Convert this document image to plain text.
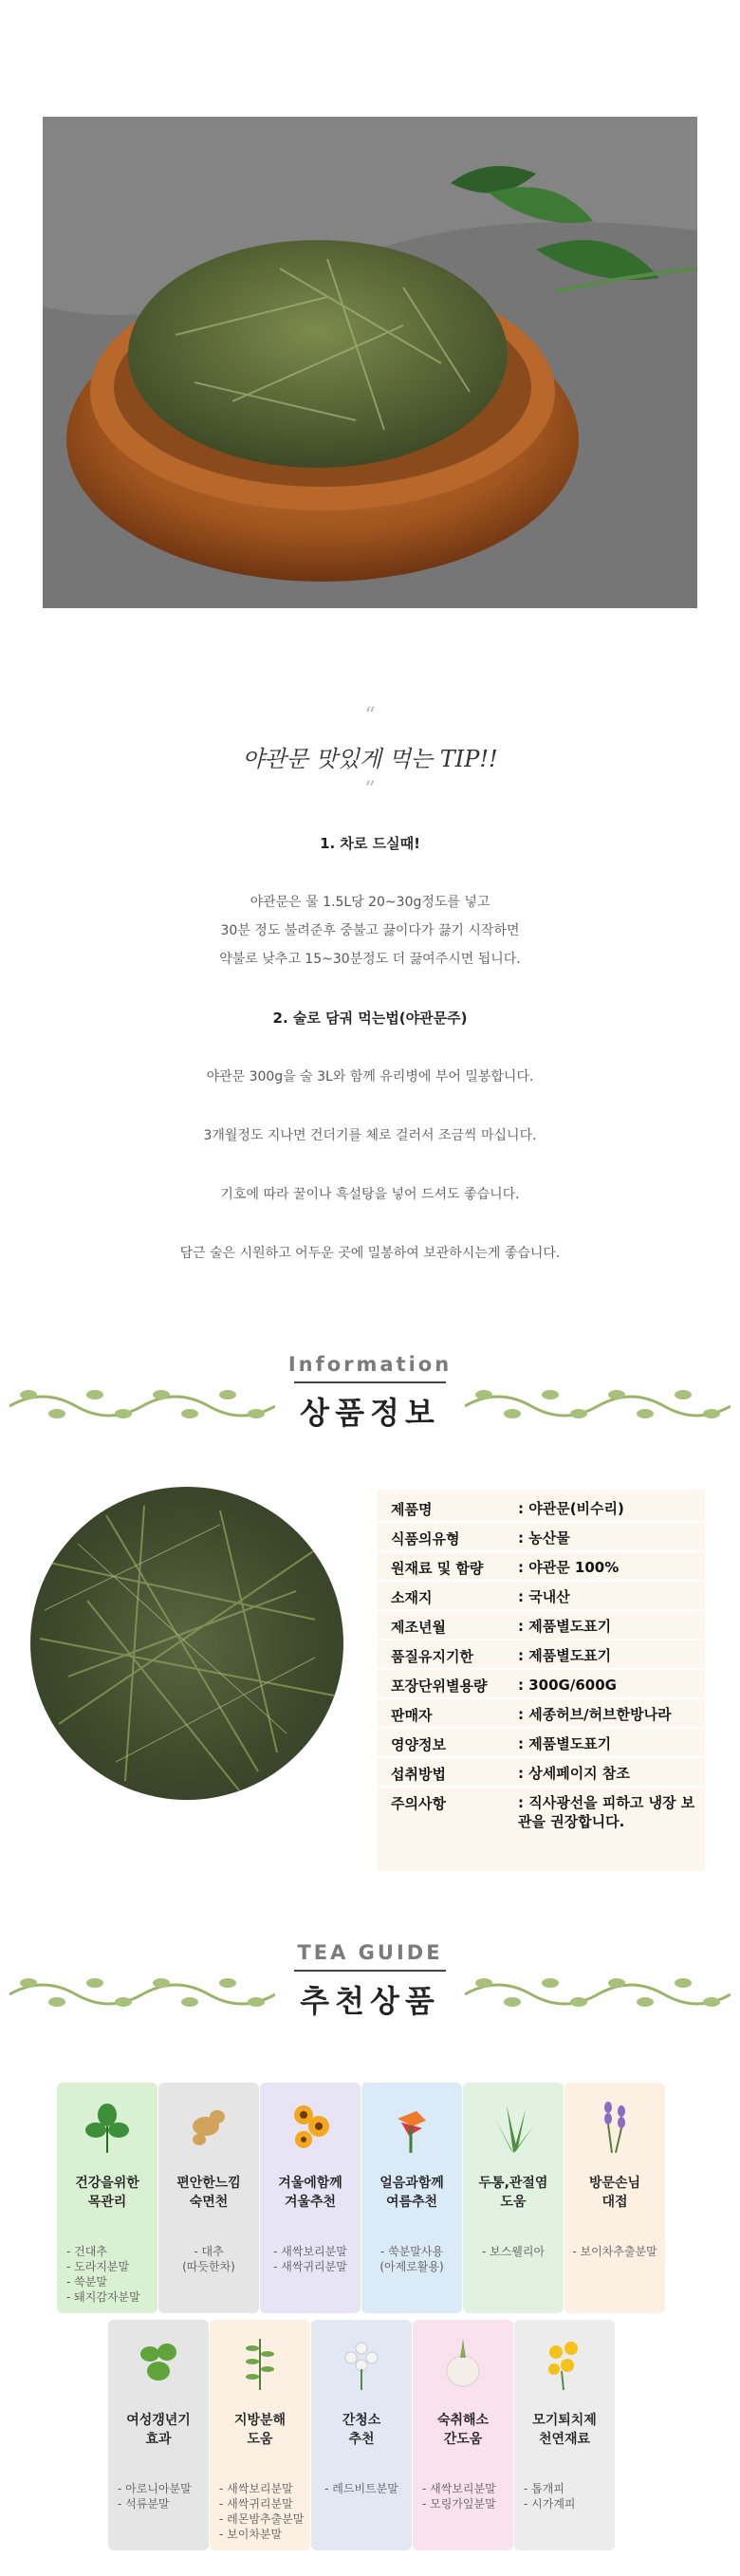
“
야관문 맛있게 먹는 TIP!!
”
1. 차로 드실때!
야관문은 물 1.5L당 20~30g정도를 넣고
30분 정도 불려준후 중불고 끓이다가 끓기 시작하면
약불로 낮추고 15~30분정도 더 끓여주시면 됩니다.
2. 술로 담궈 먹는법(야관문주)
야관문 300g을 술 3L와 함께 유리병에 부어 밀봉합니다.
3개월정도 지나면 건더기를 체로 걸러서 조금씩 마십니다.
기호에 따라 꿀이나 흑설탕을 넣어 드셔도 좋습니다.
담근 술은 시원하고 어두운 곳에 밀봉하여 보관하시는게 좋습니다.
Information
상품정보
제품명	: 야관문(비수리)
식품의유형	: 농산물
원재료 및 함량 : 야관문 100%
소재지	: 국내산
제조년월	: 제품별도표기
품질유지기한	: 제품별도표기
포장단위별용량 : 300G/600G
판매자	: 세종허브/허브한방나라
영양정보	: 제품별도표기
섭취방법	: 상세페이지 참조
주의사항	: 직사광선을 피하고 냉장 보관을 권장합니다.
TEA GUIDE
추천상품
건강을위한
목관리
- 건대추
- 도라지분말
- 쑥분말
- 돼지감자분말
편안한느낌
숙면천
- 대추
(따듯한차)
겨울에함께
겨울추천
- 새싹보리분말
- 새싹귀리분말
얼음과함께
여름추천
- 쑥분말사용
(아제로활용)
두통,관절염
도움
- 보스웰리아
방문손님
대접
- 보이차추출분말
여성갱년기
효과
- 아로니아분말
- 석류분말
지방분해
도움
- 새싹보리분말
- 새싹귀리분말
- 레몬밤추출분말
- 보이차분말
간청소
추천
- 레드비트분말
숙취해소
간도움
- 새싹보리분말
- 모링가잎분말
모기퇴치제
천연재료
- 톱개피
- 시가계피
